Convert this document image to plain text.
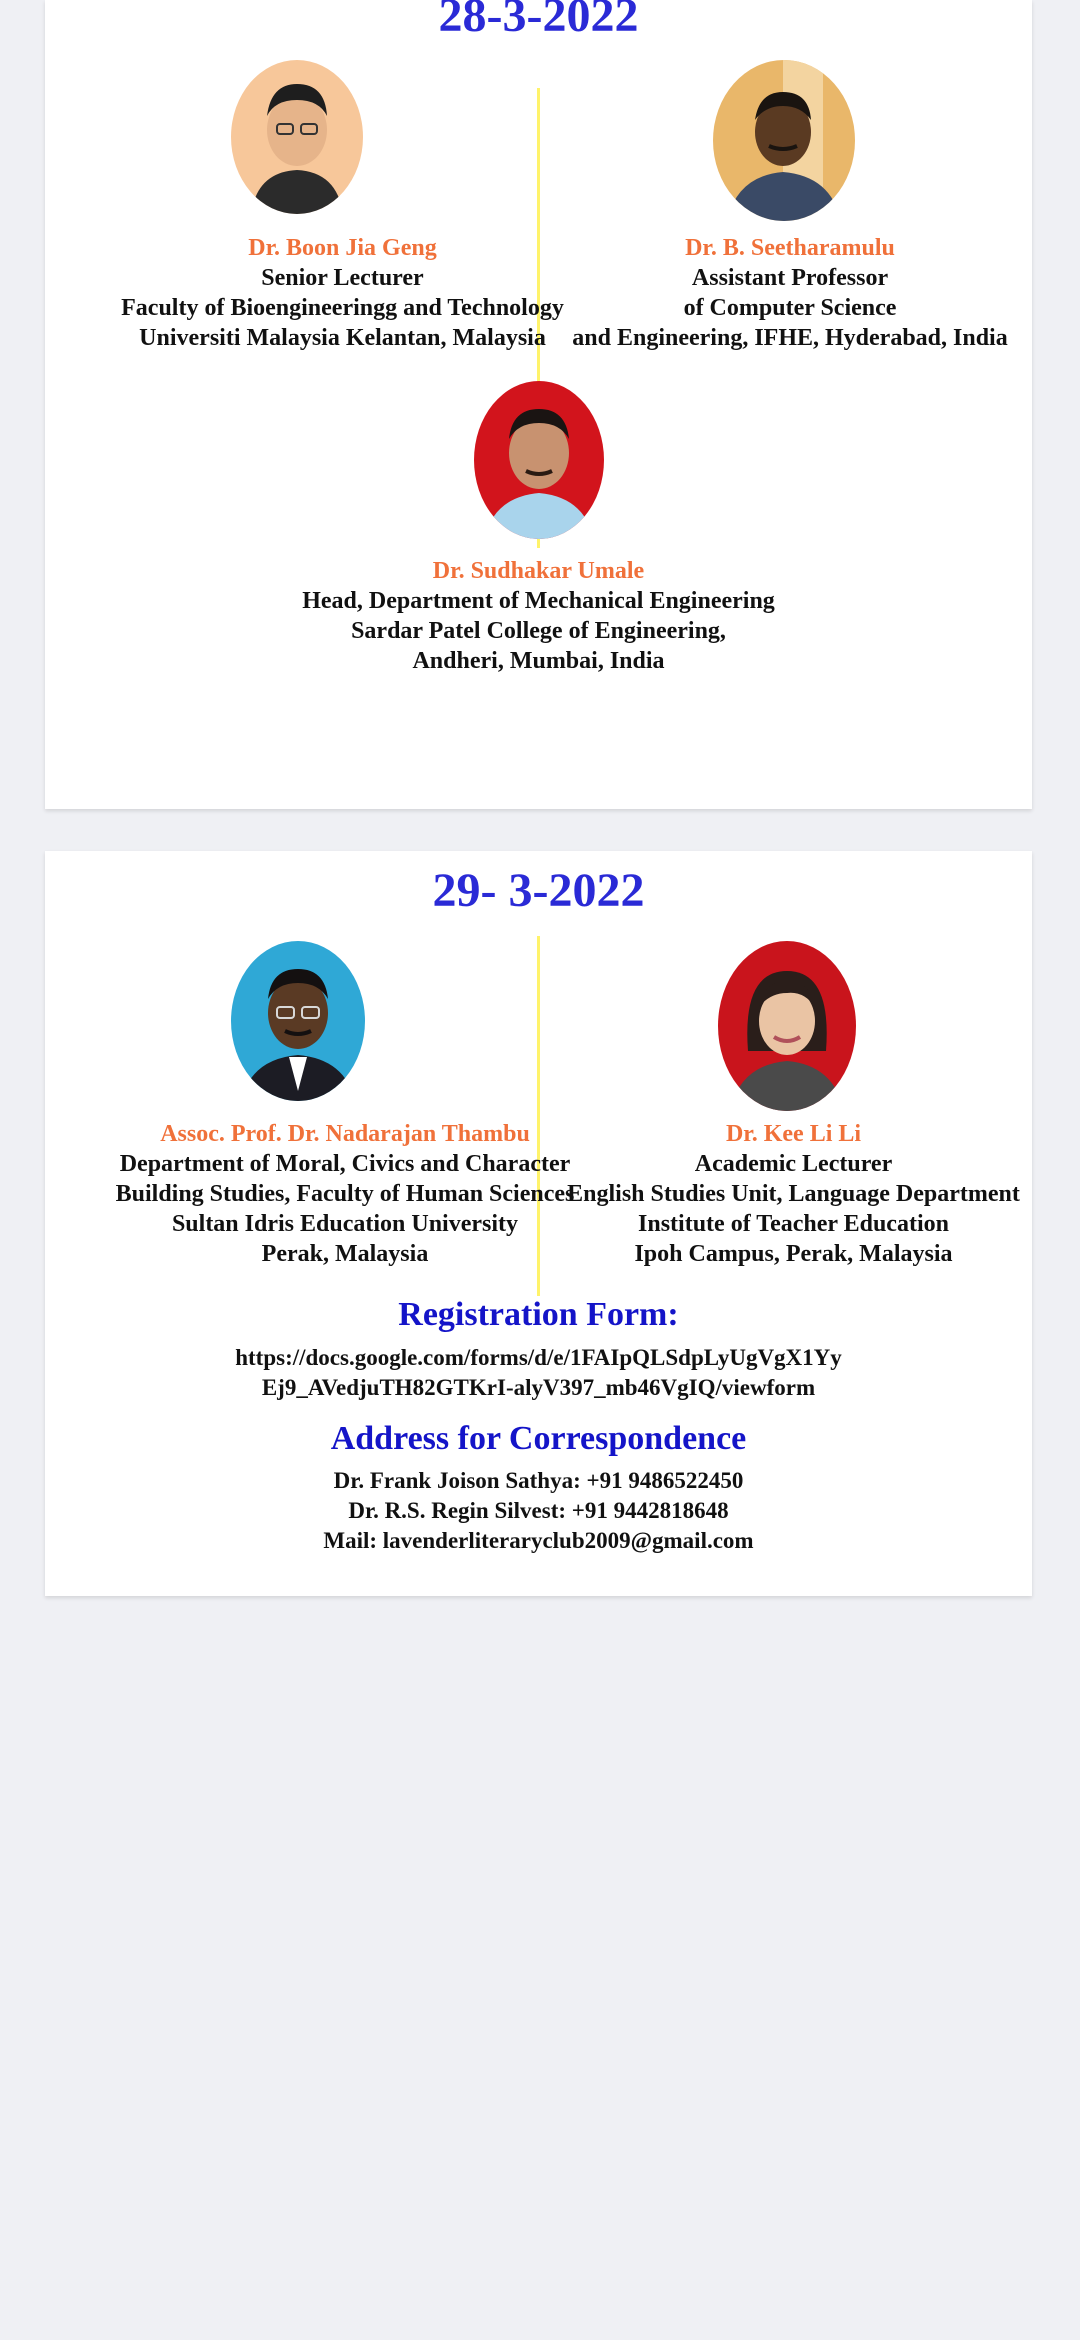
28-3-2022
Dr. Boon Jia Geng
Senior Lecturer
Faculty of Bioengineeringg and Technology
Universiti Malaysia Kelantan, Malaysia
Dr. B. Seetharamulu
Assistant Professor
of Computer Science
and Engineering, IFHE, Hyderabad, India
Dr. Sudhakar Umale
Head, Department of Mechanical Engineering
Sardar Patel College of Engineering,
Andheri, Mumbai, India
29- 3-2022
Assoc. Prof. Dr. Nadarajan Thambu
Department of Moral, Civics and Character
Building Studies, Faculty of Human Sciences
Sultan Idris Education University
Perak, Malaysia
Dr. Kee Li Li
Academic Lecturer
English Studies Unit, Language Department
Institute of Teacher Education
Ipoh Campus, Perak, Malaysia
Registration Form:
https://docs.google.com/forms/d/e/1FAIpQLSdpLyUgVgX1Yy
Ej9_AVedjuTH82GTKrI-alyV397_mb46VgIQ/viewform
Address for Correspondence
Dr. Frank Joison Sathya: +91 9486522450
Dr. R.S. Regin Silvest: +91 9442818648
Mail: lavenderliteraryclub2009@gmail.com
